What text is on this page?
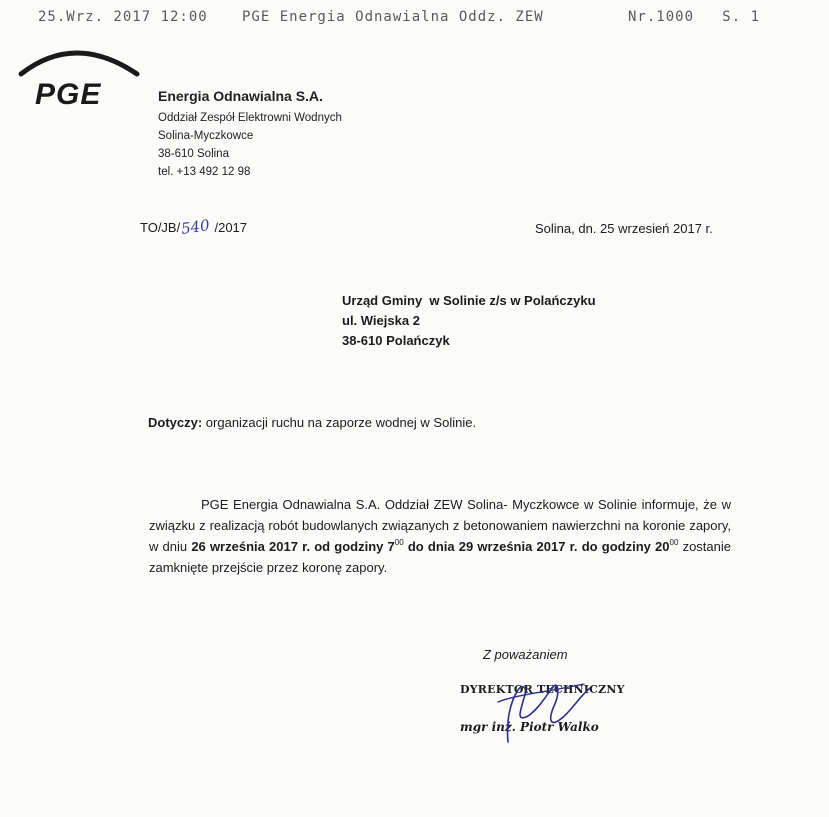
25.Wrz. 2017 12:00 PGE Energia Odnawialna Oddz. ZEW	Nr.1000   S. 1
PGE	Energia Odnawialna S.A.
Oddział Zespół Elektrowni Wodnych
Solina-Myczkowce
38-610 Solina
tel. +13 492 12 98
TO/JB/540 /2017	Solina, dn. 25 wrzesień 2017 r.
Urząd Gminy  w Solinie z/s w Polańczyku
ul. Wiejska 2
38-610 Polańczyk
Dotyczy: organizacji ruchu na zaporze wodnej w Solinie.

PGE Energia Odnawialna S.A. Oddział ZEW Solina- Myczkowce w Solinie informuje, że w związku z realizacją robót budowlanych związanych z betonowaniem nawierzchni na koronie zapory, w dniu 26 września 2017 r. od godziny $7^{00}$ do dnia 29 września 2017 r. do godziny $20^{00}$ zostanie zamknięte przejście przez koronę zapory.

Z poważaniem
DYREKTOR TECHNICZNY
mgr inż. Piotr Walko
